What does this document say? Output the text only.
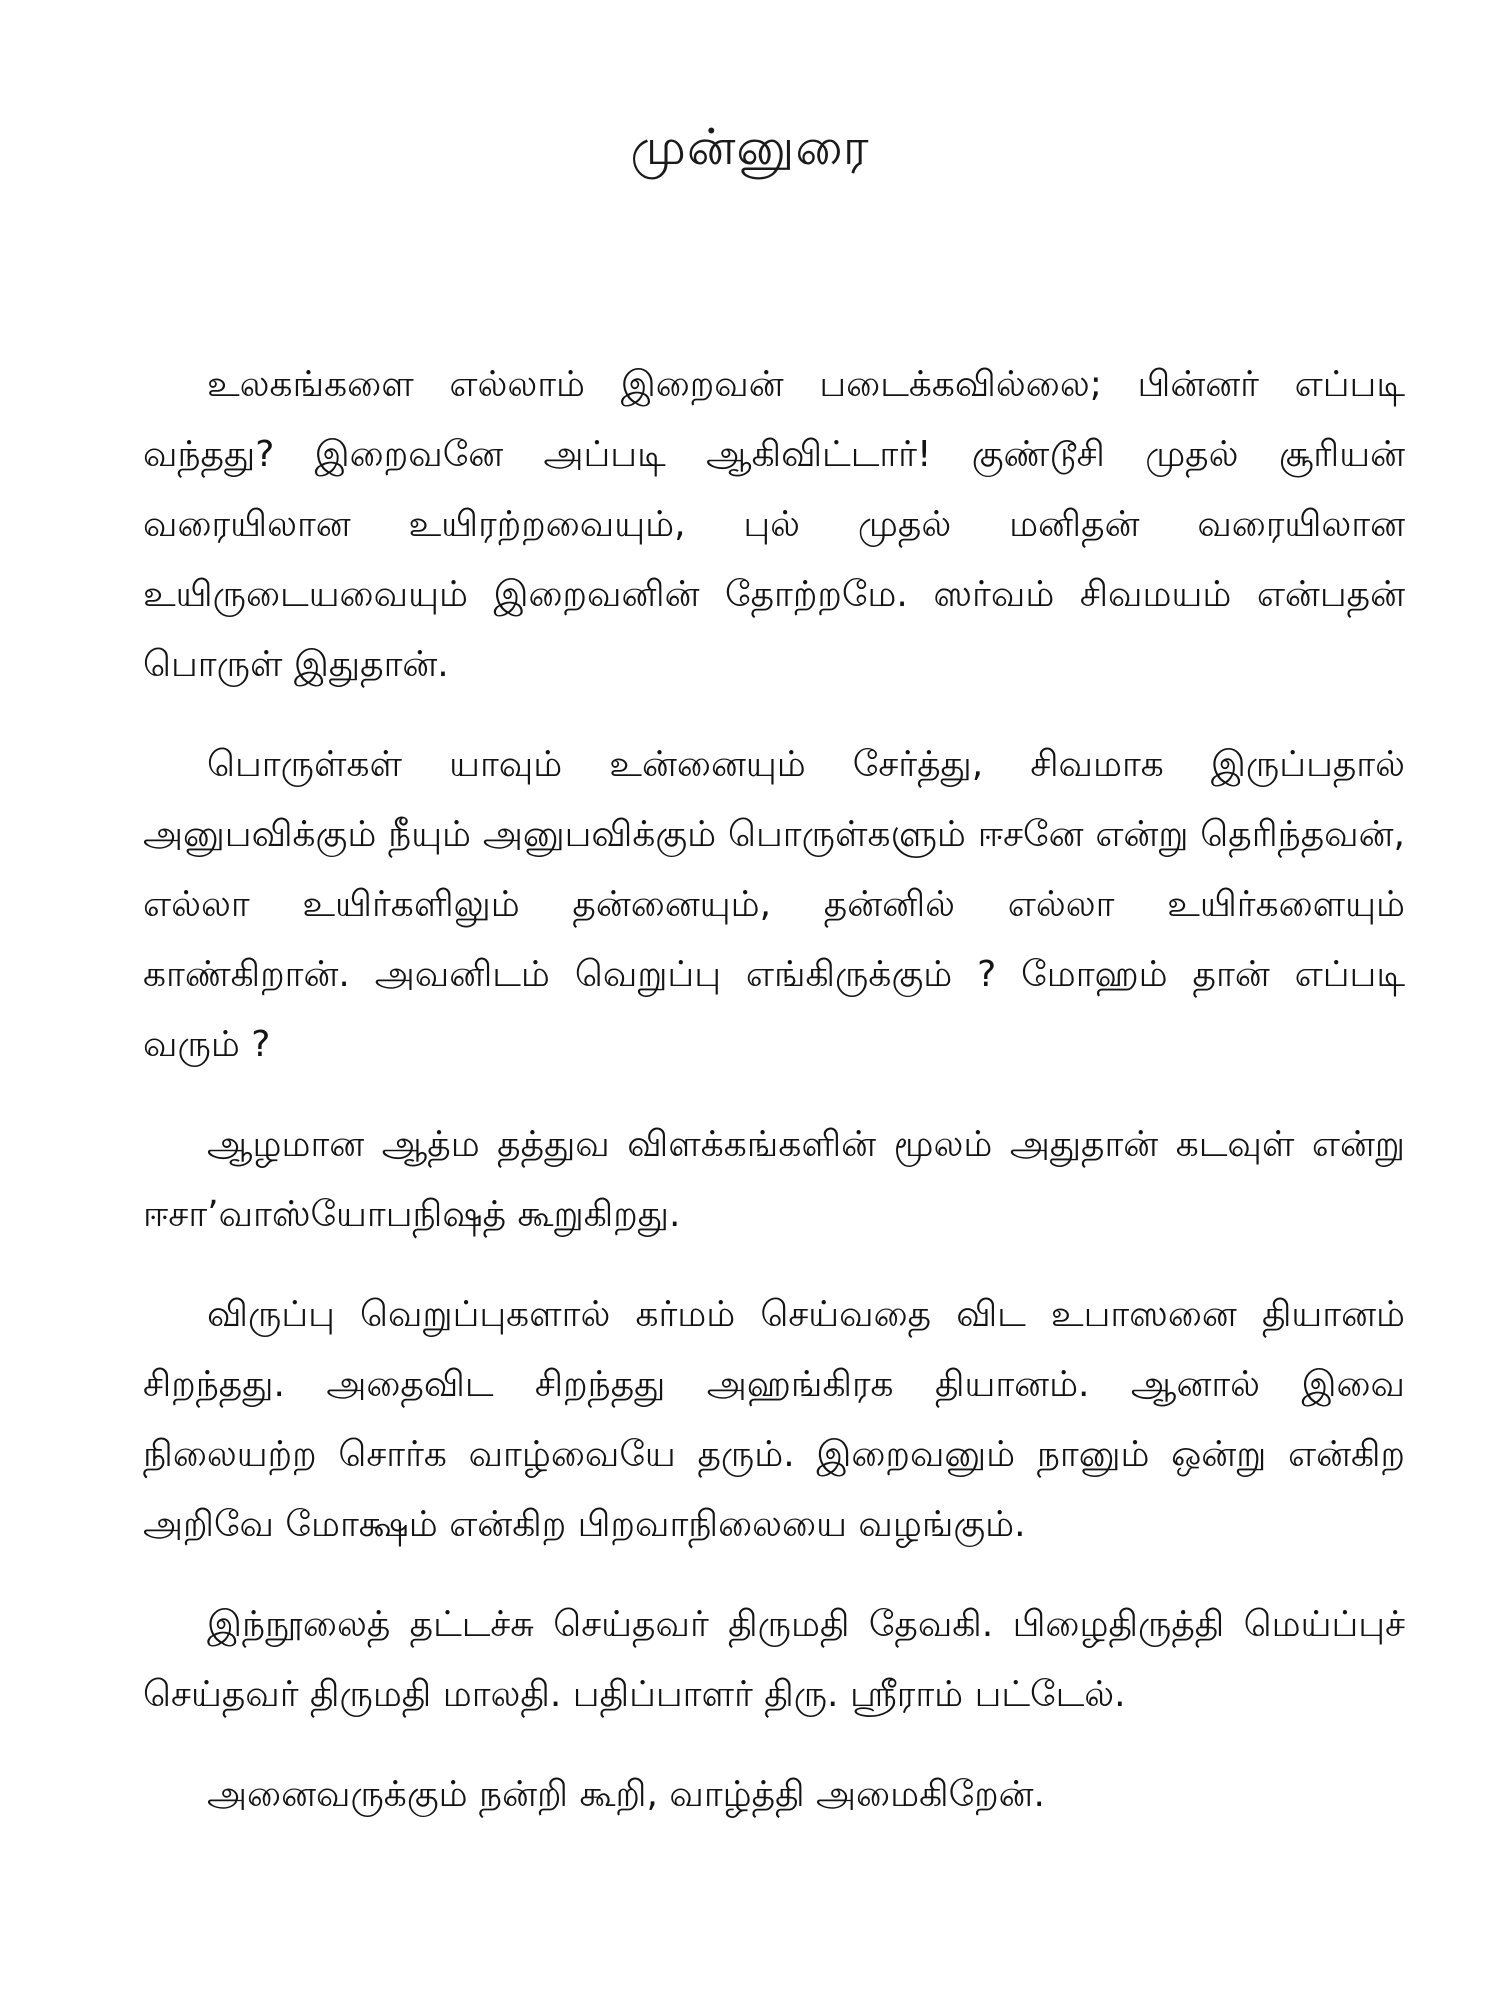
முன்னுரை

உலகங்களை எல்லாம் இறைவன் படைக்கவில்லை; பின்னர் எப்படி வந்தது? இறைவனே அப்படி ஆகிவிட்டார்! குண்டூசி முதல் சூரியன் வரையிலான உயிரற்றவையும், புல் முதல் மனிதன் வரையிலான உயிருடையவையும் இறைவனின் தோற்றமே. ஸர்வம் சிவமயம் என்பதன் பொருள் இதுதான்.

பொருள்கள் யாவும் உன்னையும் சேர்த்து, சிவமாக இருப்பதால் அனுபவிக்கும் நீயும் அனுபவிக்கும் பொருள்களும் ஈசனே என்று தெரிந்தவன், எல்லா உயிர்களிலும் தன்னையும், தன்னில் எல்லா உயிர்களையும் காண்கிறான். அவனிடம் வெறுப்பு எங்கிருக்கும் ? மோஹம் தான் எப்படி வரும் ?

ஆழமான ஆத்ம தத்துவ விளக்கங்களின் மூலம் அதுதான் கடவுள் என்று ஈசா’வாஸ்யோபநிஷத் கூறுகிறது.

விருப்பு வெறுப்புகளால் கர்மம் செய்வதை விட உபாஸனை தியானம் சிறந்தது. அதைவிட சிறந்தது அஹங்கிரக தியானம். ஆனால் இவை நிலையற்ற சொர்க வாழ்வையே தரும். இறைவனும் நானும் ஒன்று என்கிற அறிவே மோக்ஷம் என்கிற பிறவாநிலையை வழங்கும்.

இந்நூலைத் தட்டச்சு செய்தவர் திருமதி தேவகி. பிழைதிருத்தி மெய்ப்புச் செய்தவர் திருமதி மாலதி. பதிப்பாளர் திரு. ஸ்ரீராம் பட்டேல்.

அனைவருக்கும் நன்றி கூறி, வாழ்த்தி அமைகிறேன்.
